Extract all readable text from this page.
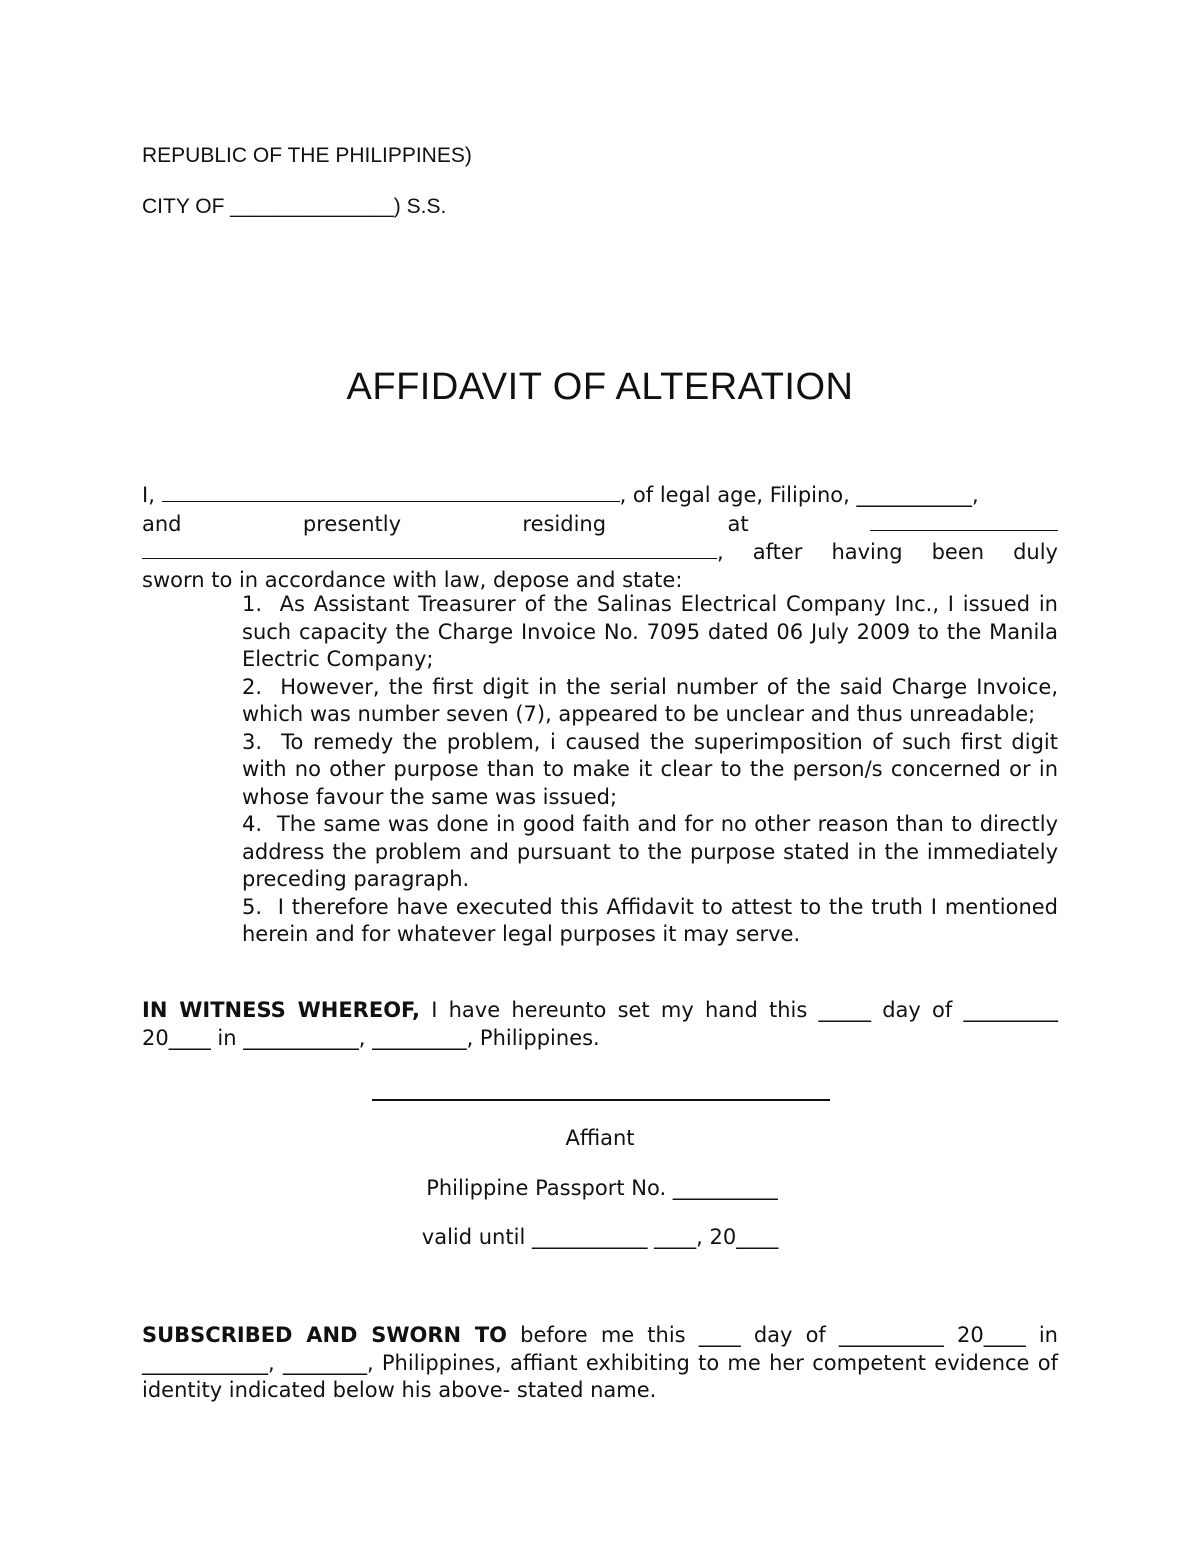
REPUBLIC OF THE PHILIPPINES)
CITY OF ______________) S.S.
AFFIDAVIT OF ALTERATION
I,	, of legal age, Filipino, ___________,
and presently residing at
, after having been duly
sworn to in accordance with law, depose and state:

1. As Assistant Treasurer of the Salinas Electrical Company Inc., I issued in such capacity the Charge Invoice No. 7095 dated 06 July 2009 to the Manila Electric Company;

2. However, the first digit in the serial number of the said Charge Invoice, which was number seven (7), appeared to be unclear and thus unreadable;

3. To remedy the problem, i caused the superimposition of such first digit with no other purpose than to make it clear to the person/s concerned or in whose favour the same was issued;

4. The same was done in good faith and for no other reason than to directly address the problem and pursuant to the purpose stated in the immediately preceding paragraph.

5. I therefore have executed this Affidavit to attest to the truth I mentioned herein and for whatever legal purposes it may serve.

IN WITNESS WHEREOF, I have hereunto set my hand this _____ day of _________ 20____ in ___________, _________, Philippines.

Affiant
Philippine Passport No. __________
valid until ___________ ____, 20____

SUBSCRIBED AND SWORN TO before me this ____ day of __________ 20____ in ____________, ________, Philippines, affiant exhibiting to me her competent evidence of identity indicated below his above- stated name.
